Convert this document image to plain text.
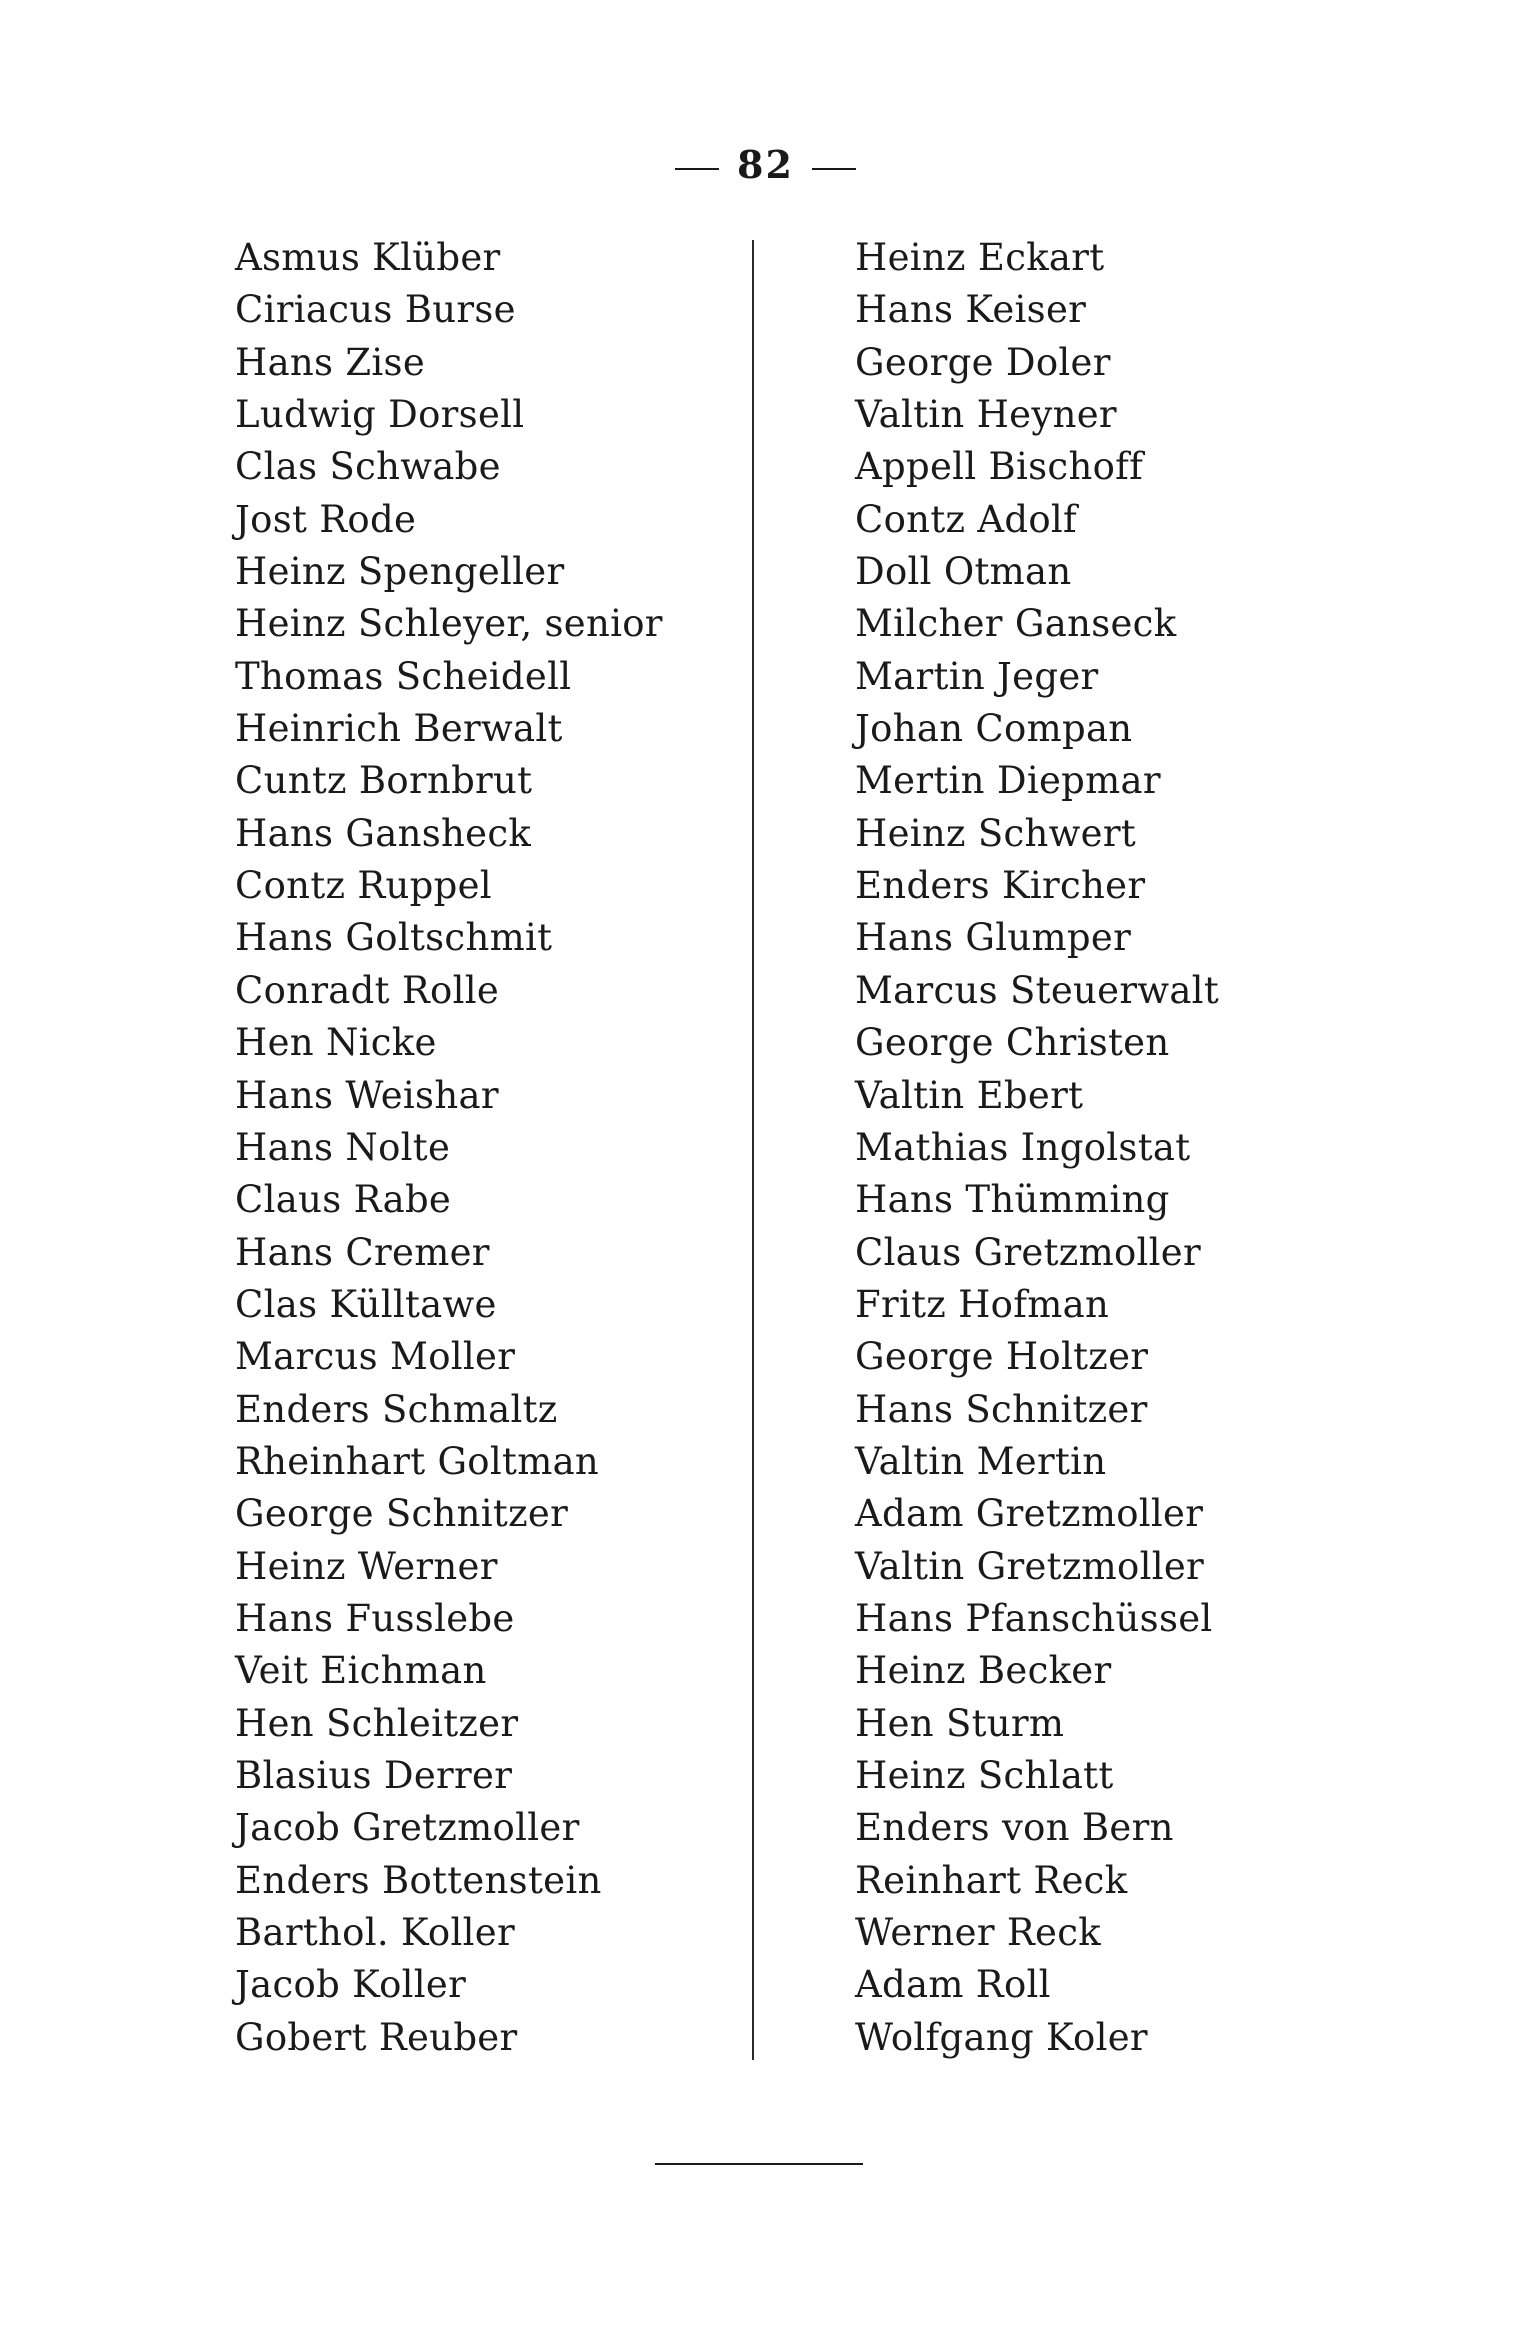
82
Asmus Klüber
Ciriacus Burse
Hans Zise
Ludwig Dorsell
Clas Schwabe
Jost Rode
Heinz Spengeller
Heinz Schleyer, senior
Thomas Scheidell
Heinrich Berwalt
Cuntz Bornbrut
Hans Gansheck
Contz Ruppel
Hans Goltschmit
Conradt Rolle
Hen Nicke
Hans Weishar
Hans Nolte
Claus Rabe
Hans Cremer
Clas Külltawe
Marcus Moller
Enders Schmaltz
Rheinhart Goltman
George Schnitzer
Heinz Werner
Hans Fusslebe
Veit Eichman
Hen Schleitzer
Blasius Derrer
Jacob Gretzmoller
Enders Bottenstein
Barthol. Koller
Jacob Koller
Gobert Reuber
Heinz Eckart
Hans Keiser
George Doler
Valtin Heyner
Appell Bischoff
Contz Adolf
Doll Otman
Milcher Ganseck
Martin Jeger
Johan Compan
Mertin Diepmar
Heinz Schwert
Enders Kircher
Hans Glumper
Marcus Steuerwalt
George Christen
Valtin Ebert
Mathias Ingolstat
Hans Thümming
Claus Gretzmoller
Fritz Hofman
George Holtzer
Hans Schnitzer
Valtin Mertin
Adam Gretzmoller
Valtin Gretzmoller
Hans Pfanschüssel
Heinz Becker
Hen Sturm
Heinz Schlatt
Enders von Bern
Reinhart Reck
Werner Reck
Adam Roll
Wolfgang Koler
